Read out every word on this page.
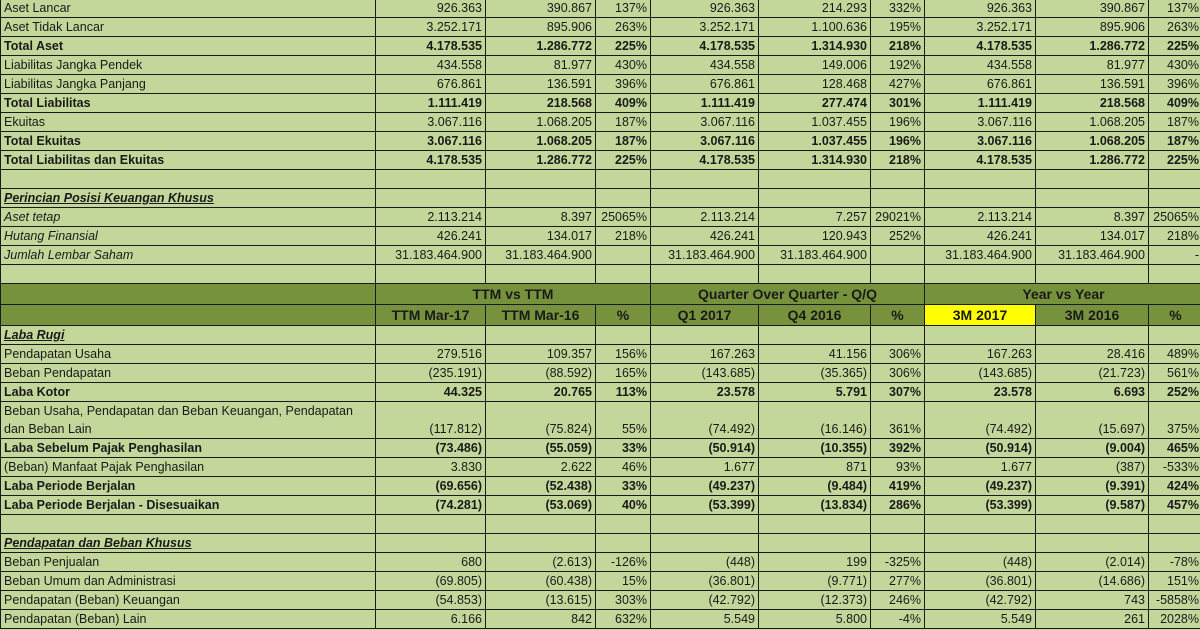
Aset Lancar	926.363	390.867	137%	926.363	214.293	332%	926.363	390.867	137%
Aset Tidak Lancar	3.252.171	895.906	263%	3.252.171	1.100.636	195%	3.252.171	895.906	263%
Total Aset	4.178.535	1.286.772	225%	4.178.535	1.314.930	218%	4.178.535	1.286.772	225%
Liabilitas Jangka Pendek	434.558	81.977	430%	434.558	149.006	192%	434.558	81.977	430%
Liabilitas Jangka Panjang	676.861	136.591	396%	676.861	128.468	427%	676.861	136.591	396%
Total Liabilitas	1.111.419	218.568	409%	1.111.419	277.474	301%	1.111.419	218.568	409%
Ekuitas	3.067.116	1.068.205	187%	3.067.116	1.037.455	196%	3.067.116	1.068.205	187%
Total Ekuitas	3.067.116	1.068.205	187%	3.067.116	1.037.455	196%	3.067.116	1.068.205	187%
Total Liabilitas dan Ekuitas	4.178.535	1.286.772	225%	4.178.535	1.314.930	218%	4.178.535	1.286.772	225%

Perincian Posisi Keuangan Khusus									
Aset tetap	2.113.214	8.397	25065%	2.113.214	7.257	29021%	2.113.214	8.397	25065%
Hutang Finansial	426.241	134.017	218%	426.241	120.943	252%	426.241	134.017	218%
Jumlah Lembar Saham	31.183.464.900	31.183.464.900		31.183.464.900	31.183.464.900		31.183.464.900	31.183.464.900	-

	TTM vs TTM			Quarter Over Quarter - Q/Q			Year vs Year		
	TTM Mar-17	TTM Mar-16	%	Q1 2017	Q4 2016	%	3M 2017	3M 2016	%
Laba Rugi									
Pendapatan Usaha	279.516	109.357	156%	167.263	41.156	306%	167.263	28.416	489%
Beban Pendapatan	(235.191)	(88.592)	165%	(143.685)	(35.365)	306%	(143.685)	(21.723)	561%
Laba Kotor	44.325	20.765	113%	23.578	5.791	307%	23.578	6.693	252%
Beban Usaha, Pendapatan dan Beban Keuangan, Pendapatan dan Beban Lain	(117.812)	(75.824)	55%	(74.492)	(16.146)	361%	(74.492)	(15.697)	375%
Laba Sebelum Pajak Penghasilan	(73.486)	(55.059)	33%	(50.914)	(10.355)	392%	(50.914)	(9.004)	465%
(Beban) Manfaat Pajak Penghasilan	3.830	2.622	46%	1.677	871	93%	1.677	(387)	-533%
Laba Periode Berjalan	(69.656)	(52.438)	33%	(49.237)	(9.484)	419%	(49.237)	(9.391)	424%
Laba Periode Berjalan - Disesuaikan	(74.281)	(53.069)	40%	(53.399)	(13.834)	286%	(53.399)	(9.587)	457%

Pendapatan dan Beban Khusus									
Beban Penjualan	680	(2.613)	-126%	(448)	199	-325%	(448)	(2.014)	-78%
Beban Umum dan Administrasi	(69.805)	(60.438)	15%	(36.801)	(9.771)	277%	(36.801)	(14.686)	151%
Pendapatan (Beban) Keuangan	(54.853)	(13.615)	303%	(42.792)	(12.373)	246%	(42.792)	743	-5858%
Pendapatan (Beban) Lain	6.166	842	632%	5.549	5.800	-4%	5.549	261	2028%
